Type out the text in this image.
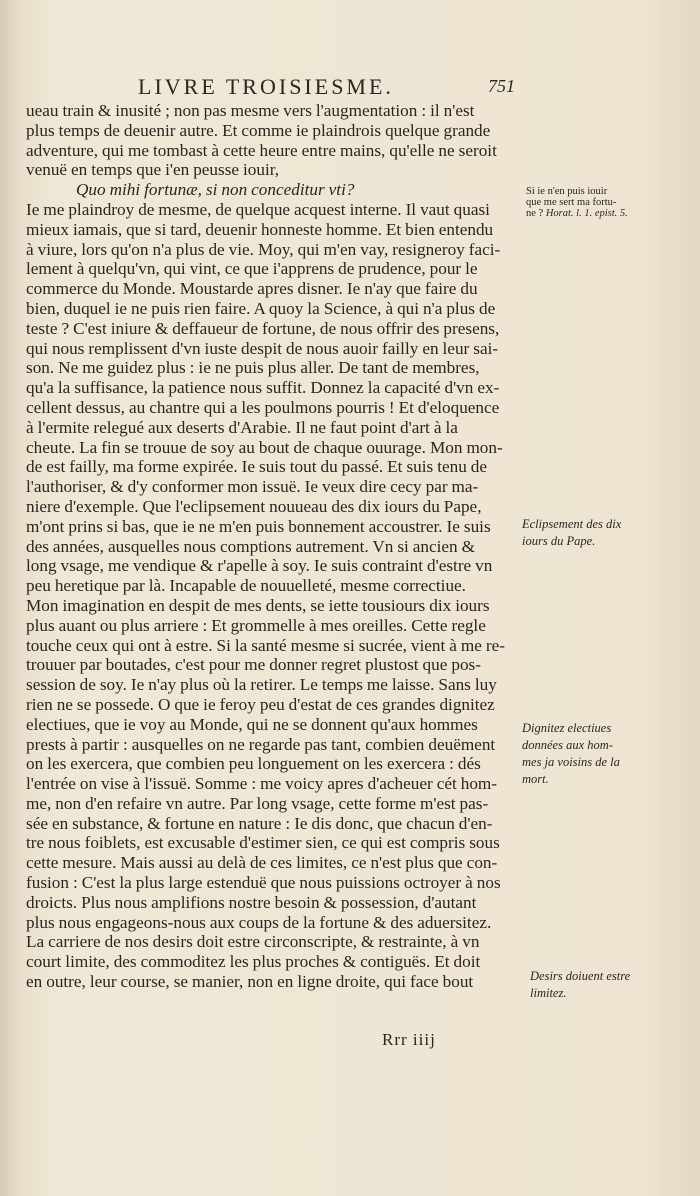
LIVRE TROISIESME.	751
ueau train & inusité ; non pas mesme vers l'augmentation : il n'est
plus temps de deuenir autre. Et comme ie plaindrois quelque grande
adventure, qui me tombast à cette heure entre mains, qu'elle ne seroit
venuë en temps que i'en peusse iouir,
Quo mihi fortunæ, si non conceditur vti?
Ie me plaindroy de mesme, de quelque acquest interne. Il vaut quasi
mieux iamais, que si tard, deuenir honneste homme. Et bien entendu
à viure, lors qu'on n'a plus de vie. Moy, qui m'en vay, resigneroy faci-
lement à quelqu'vn, qui vint, ce que i'apprens de prudence, pour le
commerce du Monde. Moustarde apres disner. Ie n'ay que faire du
bien, duquel ie ne puis rien faire. A quoy la Science, à qui n'a plus de
teste ? C'est iniure & deffaueur de fortune, de nous offrir des presens,
qui nous remplissent d'vn iuste despit de nous auoir failly en leur sai-
son. Ne me guidez plus : ie ne puis plus aller. De tant de membres,
qu'a la suffisance, la patience nous suffit. Donnez la capacité d'vn ex-
cellent dessus, au chantre qui a les poulmons pourris ! Et d'eloquence
à l'ermite relegué aux deserts d'Arabie. Il ne faut point d'art à la
cheute. La fin se trouue de soy au bout de chaque ouurage. Mon mon-
de est failly, ma forme expirée. Ie suis tout du passé. Et suis tenu de
l'authoriser, & d'y conformer mon issuë. Ie veux dire cecy par ma-
niere d'exemple. Que l'eclipsement nouueau des dix iours du Pape,
m'ont prins si bas, que ie ne m'en puis bonnement accoustrer. Ie suis
des années, ausquelles nous comptions autrement. Vn si ancien &
long vsage, me vendique & r'apelle à soy. Ie suis contraint d'estre vn
peu heretique par là. Incapable de nouuelleté, mesme correctiue.
Mon imagination en despit de mes dents, se iette tousiours dix iours
plus auant ou plus arriere : Et grommelle à mes oreilles. Cette regle
touche ceux qui ont à estre. Si la santé mesme si sucrée, vient à me re-
trouuer par boutades, c'est pour me donner regret plustost que pos-
session de soy. Ie n'ay plus où la retirer. Le temps me laisse. Sans luy
rien ne se possede. O que ie feroy peu d'estat de ces grandes dignitez
electiues, que ie voy au Monde, qui ne se donnent qu'aux hommes
prests à partir : ausquelles on ne regarde pas tant, combien deuëment
on les exercera, que combien peu longuement on les exercera : dés
l'entrée on vise à l'issuë. Somme : me voicy apres d'acheuer cét hom-
me, non d'en refaire vn autre. Par long vsage, cette forme m'est pas-
sée en substance, & fortune en nature : Ie dis donc, que chacun d'en-
tre nous foiblets, est excusable d'estimer sien, ce qui est compris sous
cette mesure. Mais aussi au delà de ces limites, ce n'est plus que con-
fusion : C'est la plus large estenduë que nous puissions octroyer à nos
droicts. Plus nous amplifions nostre besoin & possession, d'autant
plus nous engageons-nous aux coups de la fortune & des aduersitez.
La carriere de nos desirs doit estre circonscripte, & restrainte, à vn
court limite, des commoditez les plus proches & contiguës. Et doit
en outre, leur course, se manier, non en ligne droite, qui face bout
Rrr iiij
Si ie n'en puis iouir
que me sert ma fortu-
ne ? Horat. l. 1. epist. 5.
Eclipsement des dix
iours du Pape.
Dignitez electiues
données aux hom-
mes ja voisins de la
mort.
Desirs doiuent estre
limitez.
